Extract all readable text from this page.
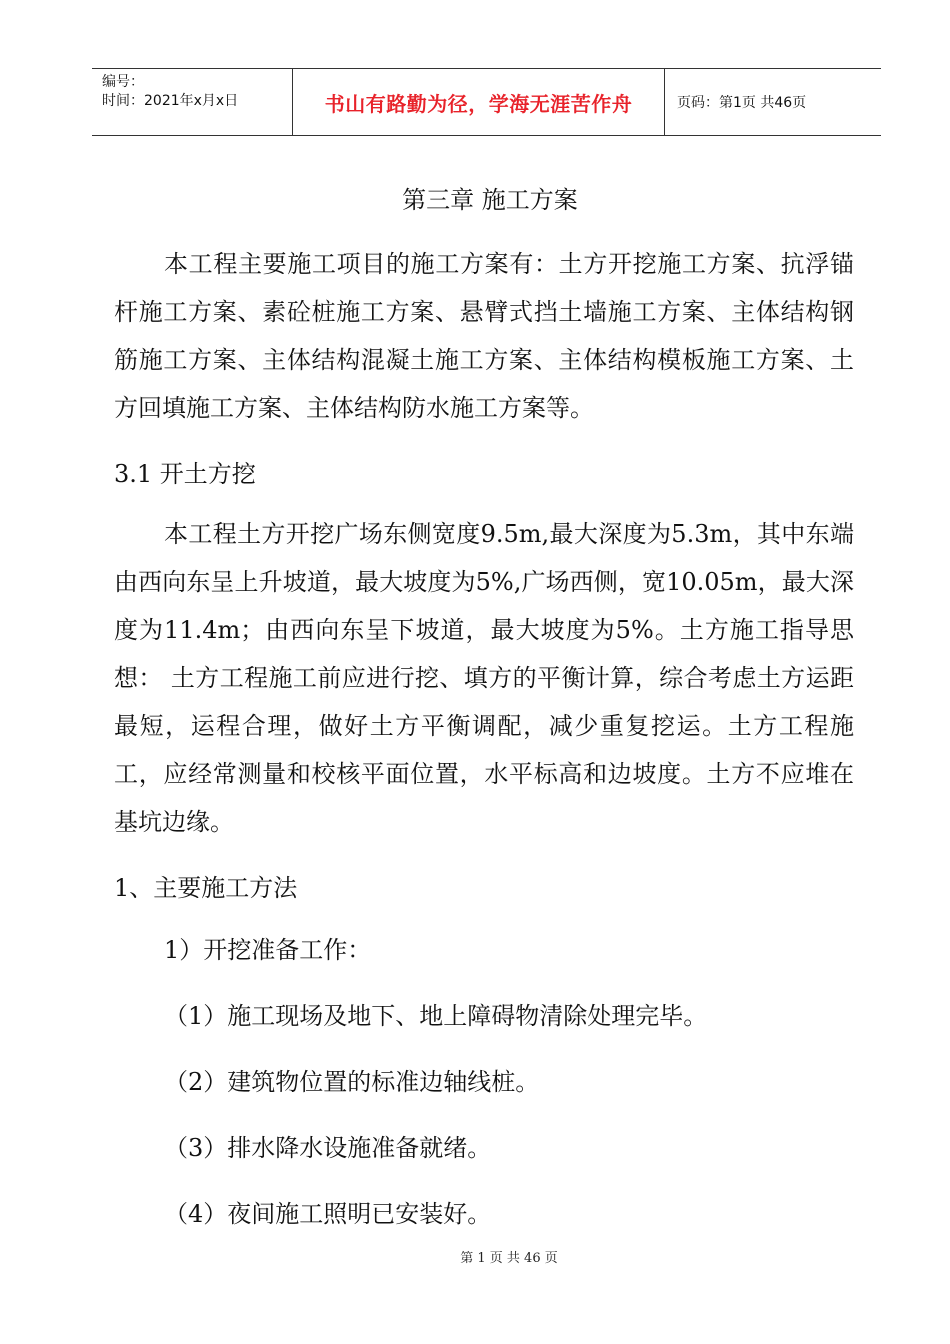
编号：
时间：2021年x月x日	书山有路勤为径，学海无涯苦作舟	页码：第1页 共46页
第三章 施工方案
本工程主要施工项目的施工方案有：土方开挖施工方案、抗浮锚杆施工方案、素砼桩施工方案、悬臂式挡土墙施工方案、主体结构钢筋施工方案、主体结构混凝土施工方案、主体结构模板施工方案、土方回填施工方案、主体结构防水施工方案等。
3.1 开土方挖
本工程土方开挖广场东侧宽度9.5m,最大深度为5.3m，其中东端由西向东呈上升坡道，最大坡度为5%,广场西侧，宽10.05m，最大深度为11.4m；由西向东呈下坡道，最大坡度为5%。土方施工指导思想： 土方工程施工前应进行挖、填方的平衡计算，综合考虑土方运距最短，运程合理，做好土方平衡调配，减少重复挖运。土方工程施工，应经常测量和校核平面位置，水平标高和边坡度。土方不应堆在基坑边缘。
1、主要施工方法
1）开挖准备工作：
（1）施工现场及地下、地上障碍物清除处理完毕。
（2）建筑物位置的标准边轴线桩。
（3）排水降水设施准备就绪。
（4）夜间施工照明已安装好。
第 1 页 共 46 页
